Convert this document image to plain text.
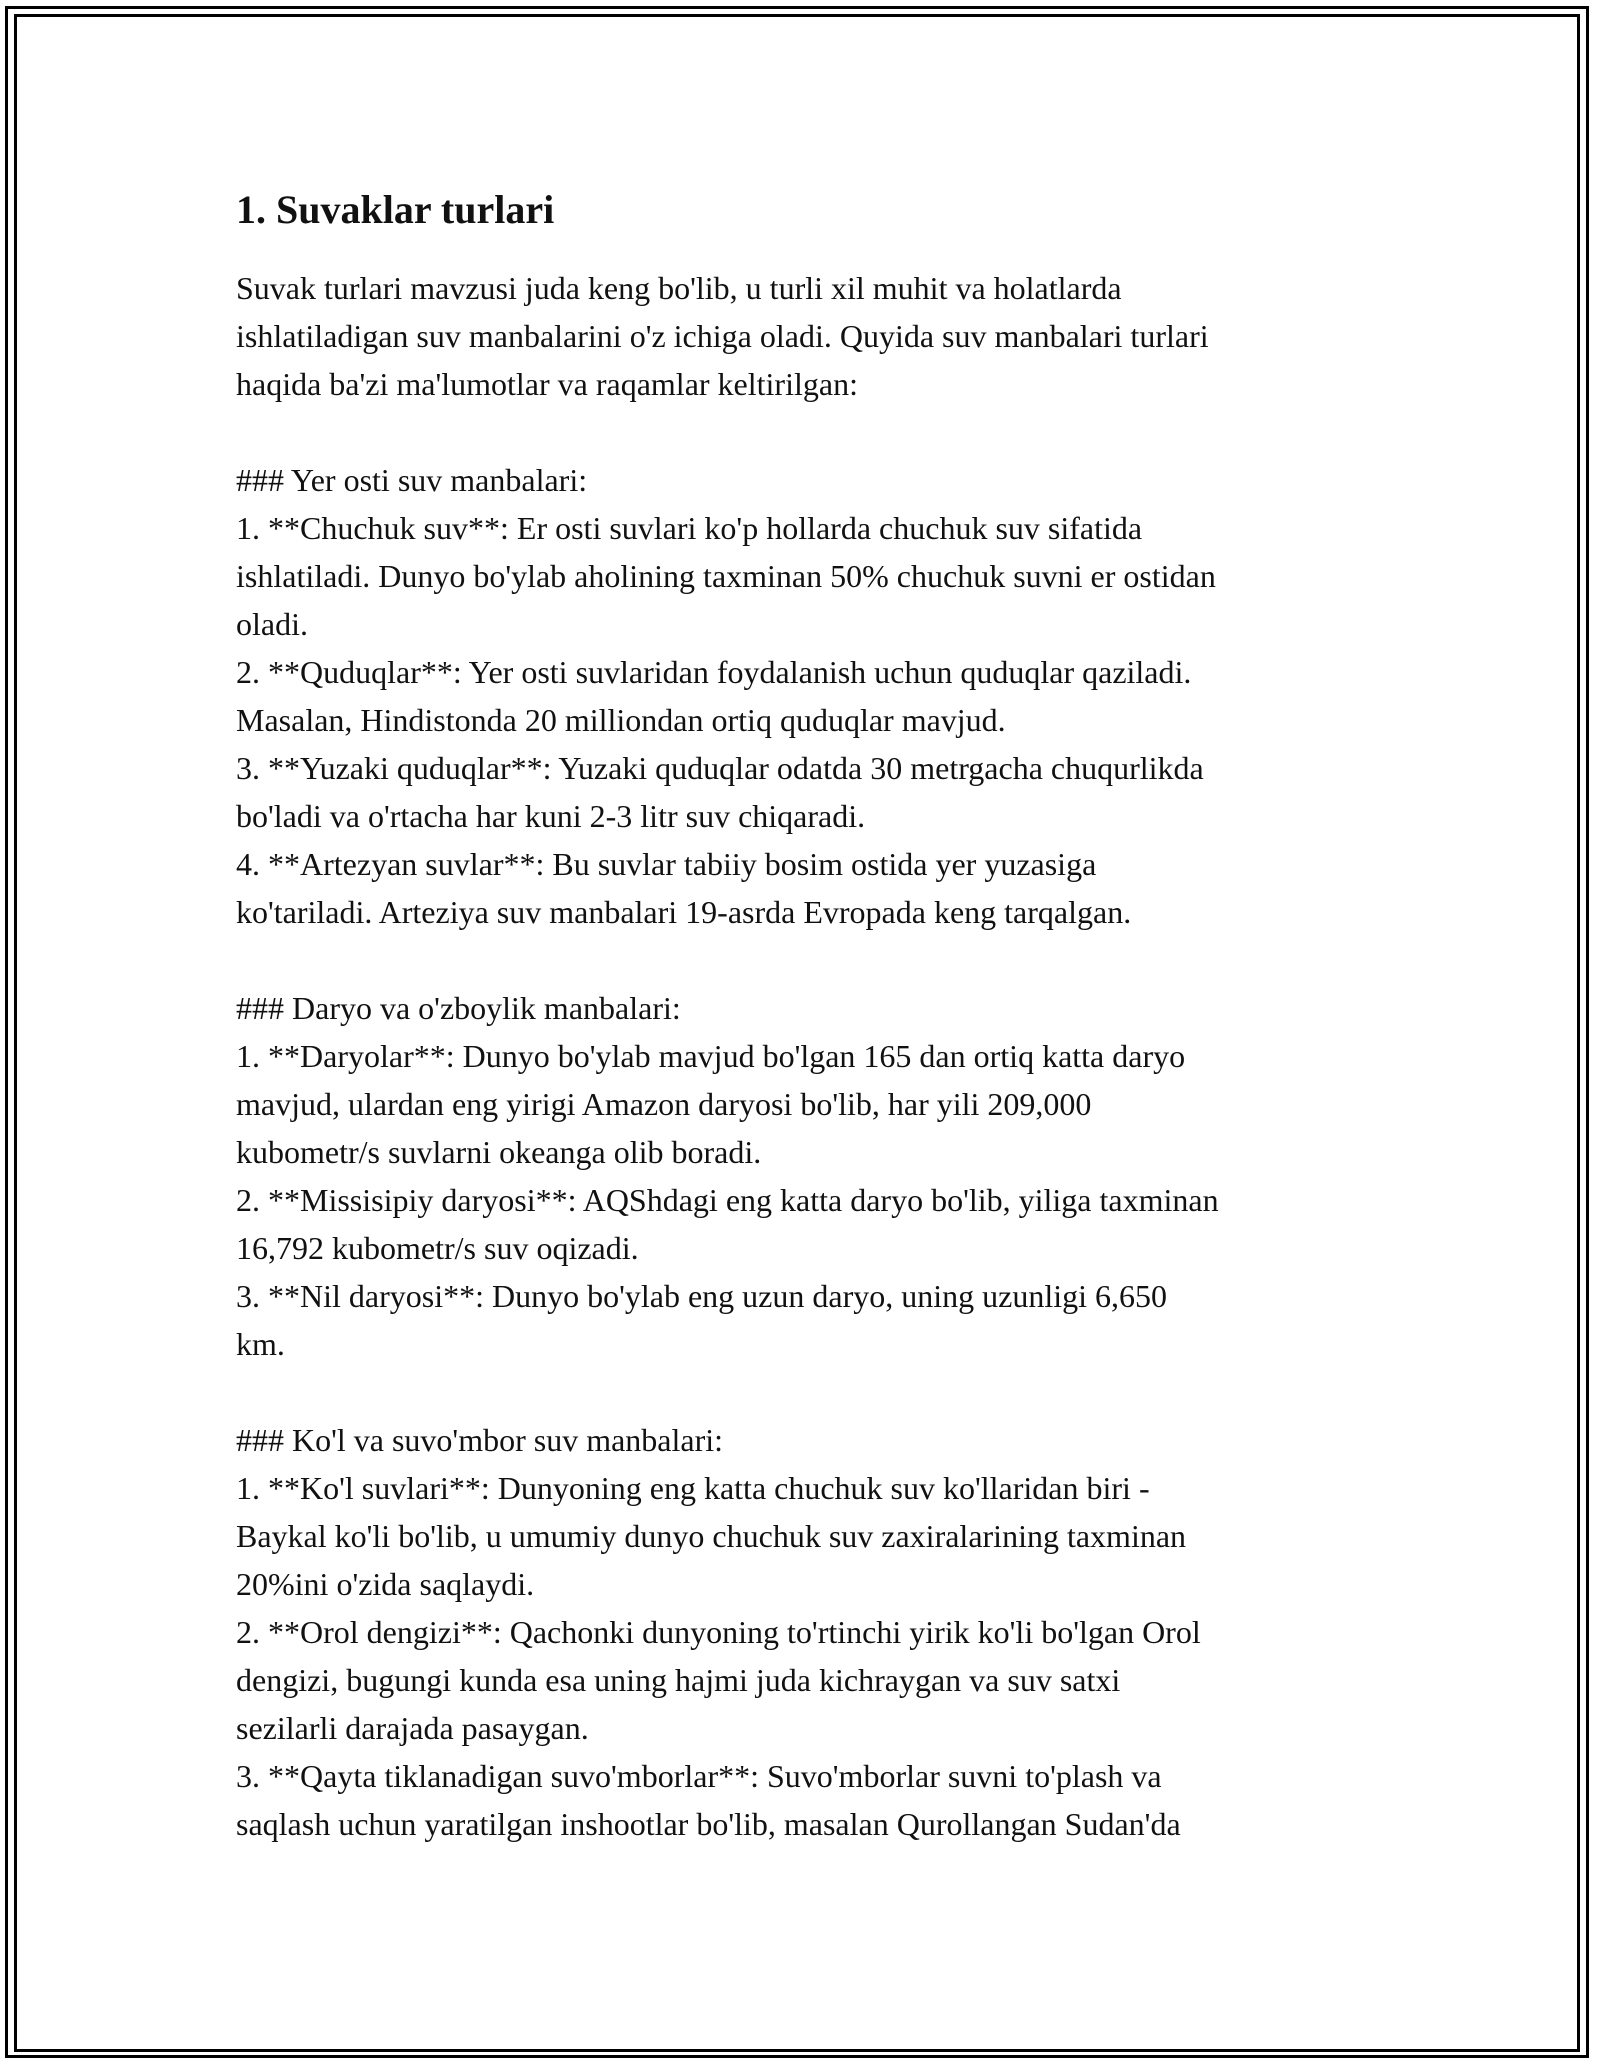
1. Suvaklar turlari
Suvak turlari mavzusi juda keng bo'lib, u turli xil muhit va holatlarda
ishlatiladigan suv manbalarini o'z ichiga oladi. Quyida suv manbalari turlari
haqida ba'zi ma'lumotlar va raqamlar keltirilgan:
### Yer osti suv manbalari:
1. **Chuchuk suv**: Er osti suvlari ko'p hollarda chuchuk suv sifatida
ishlatiladi. Dunyo bo'ylab aholining taxminan 50% chuchuk suvni er ostidan
oladi.
2. **Quduqlar**: Yer osti suvlaridan foydalanish uchun quduqlar qaziladi.
Masalan, Hindistonda 20 milliondan ortiq quduqlar mavjud.
3. **Yuzaki quduqlar**: Yuzaki quduqlar odatda 30 metrgacha chuqurlikda
bo'ladi va o'rtacha har kuni 2-3 litr suv chiqaradi.
4. **Artezyan suvlar**: Bu suvlar tabiiy bosim ostida yer yuzasiga
ko'tariladi. Arteziya suv manbalari 19-asrda Evropada keng tarqalgan.
### Daryo va o'zboylik manbalari:
1. **Daryolar**: Dunyo bo'ylab mavjud bo'lgan 165 dan ortiq katta daryo
mavjud, ulardan eng yirigi Amazon daryosi bo'lib, har yili 209,000
kubometr/s suvlarni okeanga olib boradi.
2. **Missisipiy daryosi**: AQShdagi eng katta daryo bo'lib, yiliga taxminan
16,792 kubometr/s suv oqizadi.
3. **Nil daryosi**: Dunyo bo'ylab eng uzun daryo, uning uzunligi 6,650
km.
### Ko'l va suvo'mbor suv manbalari:
1. **Ko'l suvlari**: Dunyoning eng katta chuchuk suv ko'llaridan biri -
Baykal ko'li bo'lib, u umumiy dunyo chuchuk suv zaxiralarining taxminan
20%ini o'zida saqlaydi.
2. **Orol dengizi**: Qachonki dunyoning to'rtinchi yirik ko'li bo'lgan Orol
dengizi, bugungi kunda esa uning hajmi juda kichraygan va suv satxi
sezilarli darajada pasaygan.
3. **Qayta tiklanadigan suvo'mborlar**: Suvo'mborlar suvni to'plash va
saqlash uchun yaratilgan inshootlar bo'lib, masalan Qurollangan Sudan'da
